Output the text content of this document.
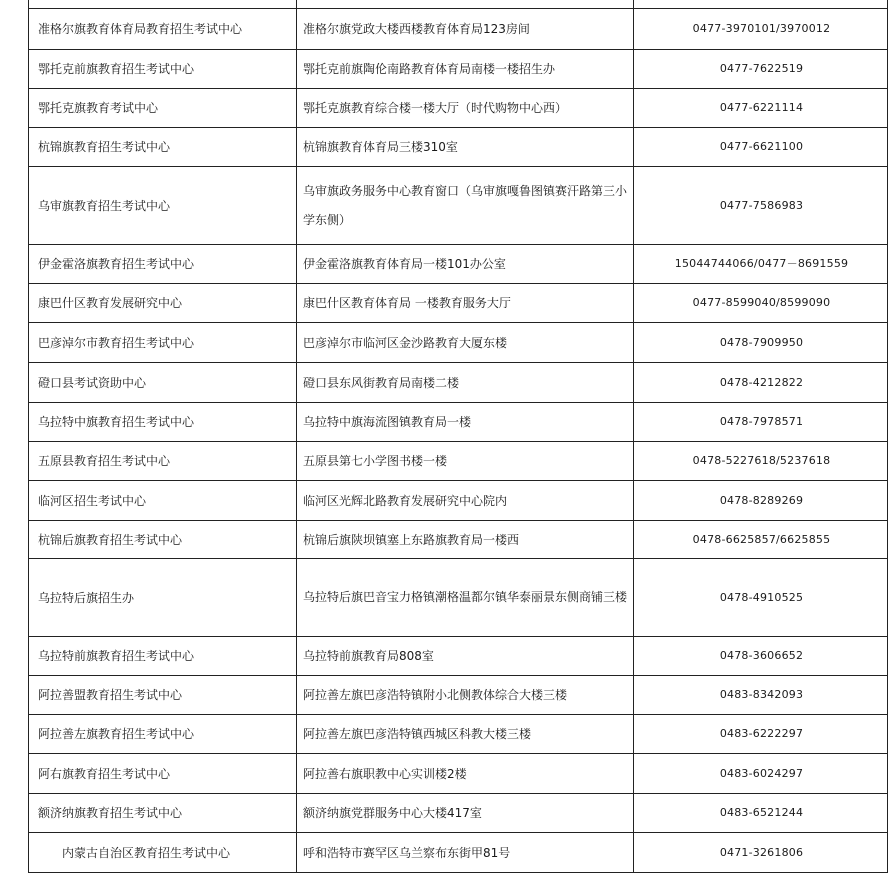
准格尔旗教育体育局教育招生考试中心	准格尔旗党政大楼西楼教育体育局123房间	0477-3970101/3970012
鄂托克前旗教育招生考试中心	鄂托克前旗陶伦南路教育体育局南楼一楼招生办	0477-7622519
鄂托克旗教育考试中心	鄂托克旗教育综合楼一楼大厅（时代购物中心西）	0477-6221114
杭锦旗教育招生考试中心	杭锦旗教育体育局三楼310室	0477-6621100
乌审旗教育招生考试中心	乌审旗政务服务中心教育窗口（乌审旗嘎鲁图镇赛汗路第三小学东侧）	0477-7586983
伊金霍洛旗教育招生考试中心	伊金霍洛旗教育体育局一楼101办公室	15044744066/0477－8691559
康巴什区教育发展研究中心	康巴什区教育体育局 一楼教育服务大厅	0477-8599040/8599090
巴彦淖尔市教育招生考试中心	巴彦淖尔市临河区金沙路教育大厦东楼	0478-7909950
磴口县考试资助中心	磴口县东风街教育局南楼二楼	0478-4212822
乌拉特中旗教育招生考试中心	乌拉特中旗海流图镇教育局一楼	0478-7978571
五原县教育招生考试中心	五原县第七小学图书楼一楼	0478-5227618/5237618
临河区招生考试中心	临河区光辉北路教育发展研究中心院内	0478-8289269
杭锦后旗教育招生考试中心	杭锦后旗陕坝镇塞上东路旗教育局一楼西	0478-6625857/6625855
乌拉特后旗招生办	乌拉特后旗巴音宝力格镇潮格温都尔镇华泰丽景东侧商铺三楼	0478-4910525
乌拉特前旗教育招生考试中心	乌拉特前旗教育局808室	0478-3606652
阿拉善盟教育招生考试中心	阿拉善左旗巴彦浩特镇附小北侧教体综合大楼三楼	0483-8342093
阿拉善左旗教育招生考试中心	阿拉善左旗巴彦浩特镇西城区科教大楼三楼	0483-6222297
阿右旗教育招生考试中心	阿拉善右旗职教中心实训楼2楼	0483-6024297
额济纳旗教育招生考试中心	额济纳旗党群服务中心大楼417室	0483-6521244
内蒙古自治区教育招生考试中心	呼和浩特市赛罕区乌兰察布东街甲81号	0471-3261806
